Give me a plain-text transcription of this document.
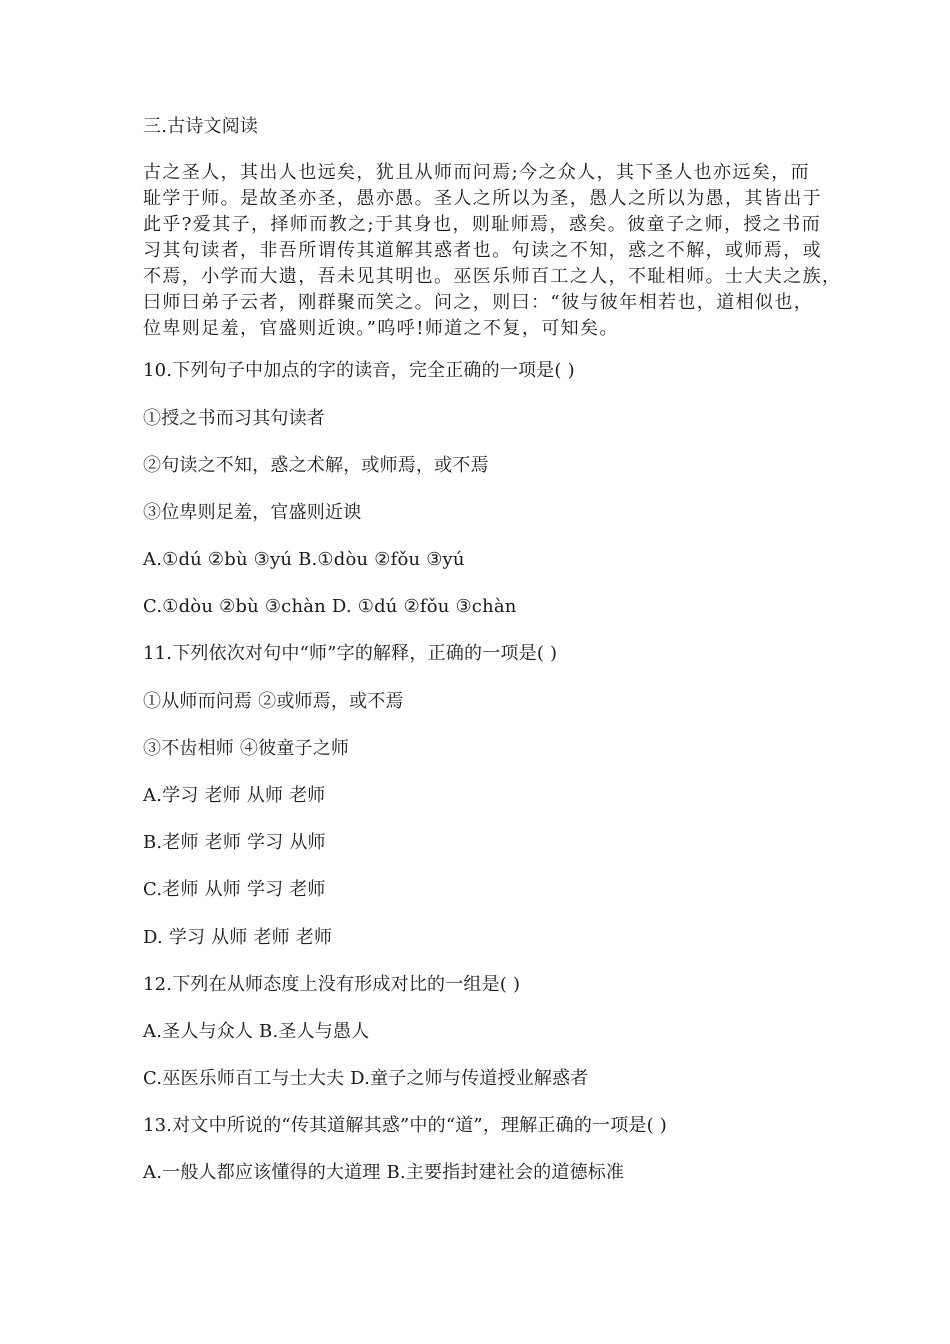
三.古诗文阅读
古之圣人，其出人也远矣，犹且从师而问焉;今之众人，其下圣人也亦远矣，而
耻学于师。是故圣亦圣，愚亦愚。圣人之所以为圣，愚人之所以为愚，其皆出于
此乎?爱其子，择师而教之;于其身也，则耻师焉，惑矣。彼童子之师，授之书而
习其句读者，非吾所谓传其道解其惑者也。句读之不知，惑之不解，或师焉，或
不焉，小学而大遗，吾未见其明也。巫医乐师百工之人，不耻相师。士大夫之族，
曰师曰弟子云者，刚群聚而笑之。问之，则曰：“彼与彼年相若也，道相似也，
位卑则足羞，官盛则近谀。”呜呼!师道之不复，可知矣。
10.下列句子中加点的字的读音，完全正确的一项是( )
①授之书而习其句读者
②句读之不知，惑之术解，或师焉，或不焉
③位卑则足羞，官盛则近谀
A.①dú ②bù ③yú B.①dòu ②fǒu ③yú
C.①dòu ②bù ③chàn D. ①dú ②fǒu ③chàn
11.下列依次对句中“师”字的解释，正确的一项是( )
①从师而问焉 ②或师焉，或不焉
③不齿相师 ④彼童子之师
A.学习 老师 从师 老师
B.老师 老师 学习 从师
C.老师 从师 学习 老师
D. 学习 从师 老师 老师
12.下列在从师态度上没有形成对比的一组是( )
A.圣人与众人 B.圣人与愚人
C.巫医乐师百工与士大夫 D.童子之师与传道授业解惑者
13.对文中所说的“传其道解其惑”中的“道”，理解正确的一项是( )
A.一般人都应该懂得的大道理 B.主要指封建社会的道德标准
